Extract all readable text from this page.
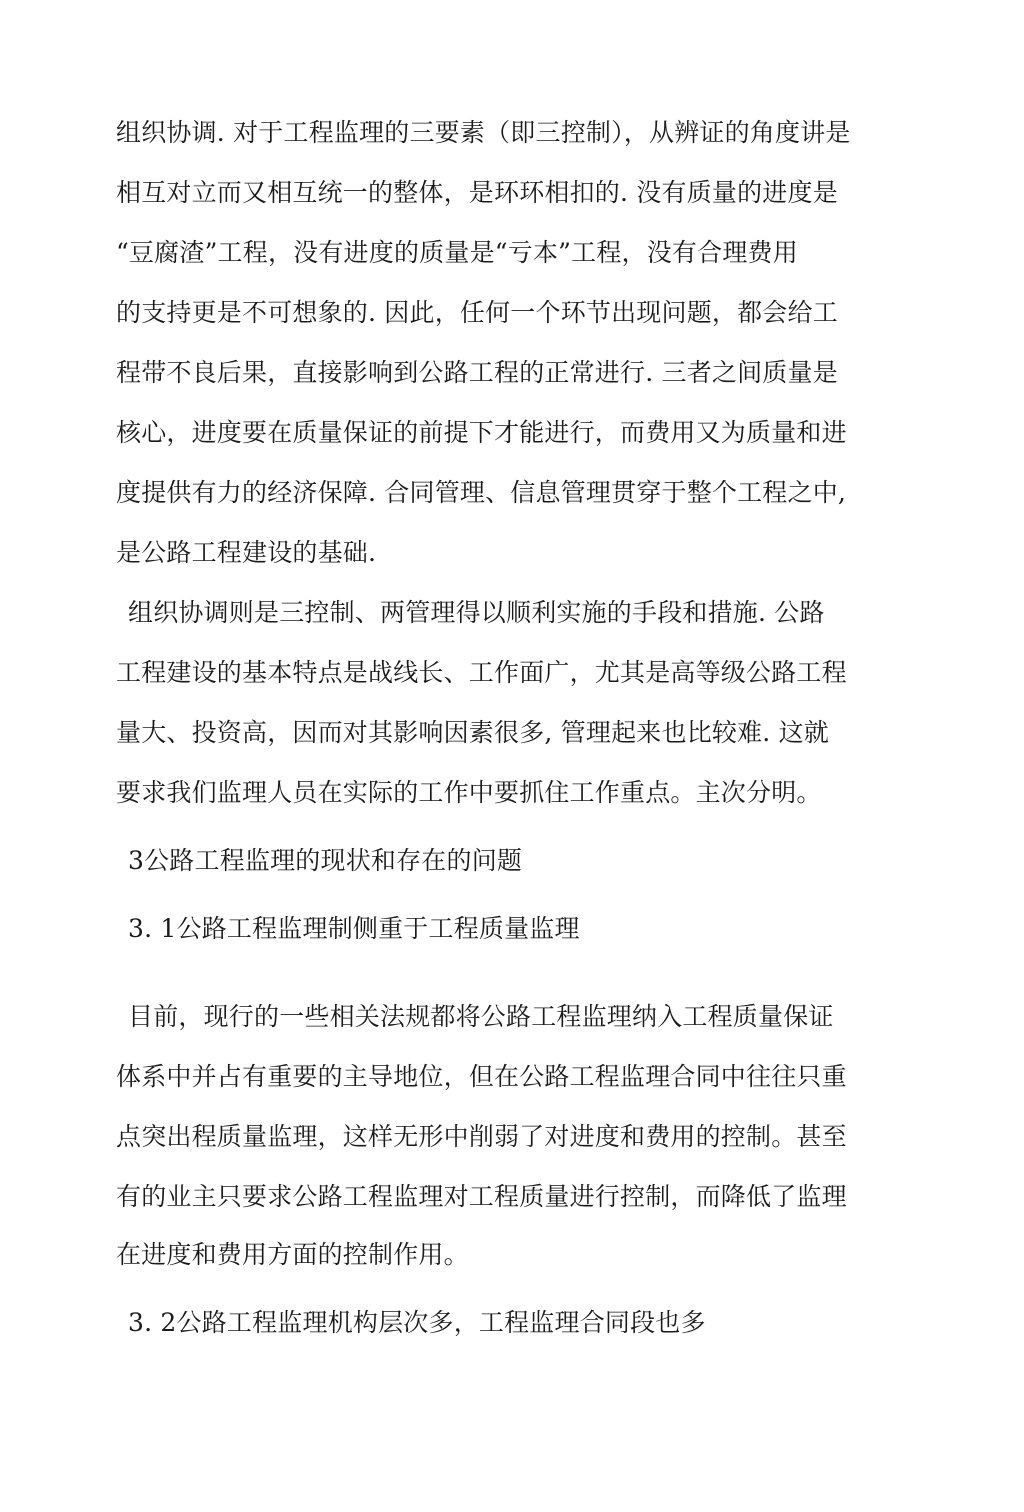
组织协调. 对于工程监理的三要素（即三控制），从辨证的角度讲是
相互对立而又相互统一的整体，是环环相扣的. 没有质量的进度是
“豆腐渣”工程，没有进度的质量是“亏本”工程，没有合理费用
的支持更是不可想象的. 因此，任何一个环节出现问题，都会给工
程带不良后果，直接影响到公路工程的正常进行. 三者之间质量是
核心，进度要在质量保证的前提下才能进行，而费用又为质量和进
度提供有力的经济保障. 合同管理、信息管理贯穿于整个工程之中,
是公路工程建设的基础.
组织协调则是三控制、两管理得以顺利实施的手段和措施. 公路
工程建设的基本特点是战线长、工作面广，尤其是高等级公路工程
量大、投资高，因而对其影响因素很多, 管理起来也比较难. 这就
要求我们监理人员在实际的工作中要抓住工作重点。主次分明。
3公路工程监理的现状和存在的问题
3. 1公路工程监理制侧重于工程质量监理
目前，现行的一些相关法规都将公路工程监理纳入工程质量保证
体系中并占有重要的主导地位，但在公路工程监理合同中往往只重
点突出程质量监理，这样无形中削弱了对进度和费用的控制。甚至
有的业主只要求公路工程监理对工程质量进行控制，而降低了监理
在进度和费用方面的控制作用。
3. 2公路工程监理机构层次多，工程监理合同段也多
